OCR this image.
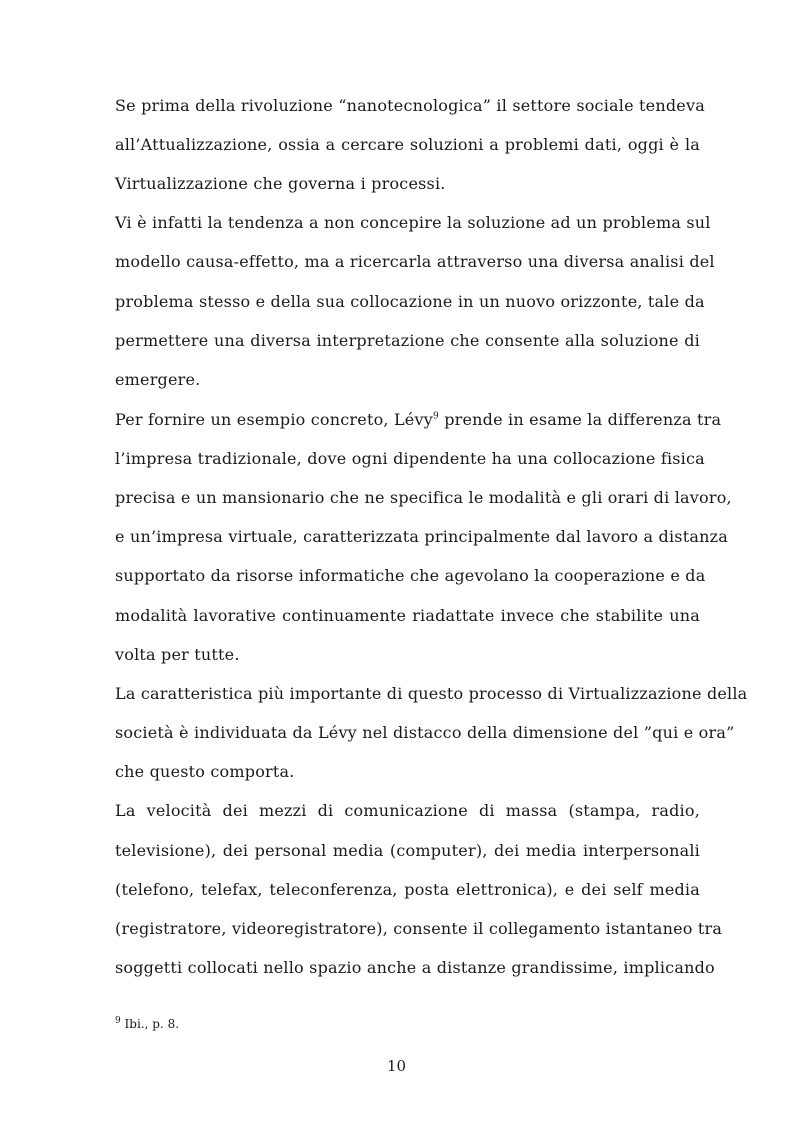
Se prima della rivoluzione “nanotecnologica” il settore sociale tendeva
all’Attualizzazione, ossia a cercare soluzioni a problemi dati, oggi è la
Virtualizzazione che governa i processi.
Vi è infatti la tendenza a non concepire la soluzione ad un problema sul
modello causa-effetto, ma a ricercarla attraverso una diversa analisi del
problema stesso e della sua collocazione in un nuovo orizzonte, tale da
permettere una diversa interpretazione che consente alla soluzione di
emergere.
Per fornire un esempio concreto, Lévy$^9$ prende in esame la differenza tra
l’impresa tradizionale, dove ogni dipendente ha una collocazione fisica
precisa e un mansionario che ne specifica le modalità e gli orari di lavoro,
e un’impresa virtuale, caratterizzata principalmente dal lavoro a distanza
supportato da risorse informatiche che agevolano la cooperazione e da
modalità lavorative continuamente riadattate invece che stabilite una
volta per tutte.
La caratteristica più importante di questo processo di Virtualizzazione della
società è individuata da Lévy nel distacco della dimensione del ”qui e ora”
che questo comporta.
La velocità dei mezzi di comunicazione di massa (stampa, radio,
televisione), dei personal media (computer), dei media interpersonali
(telefono, telefax, teleconferenza, posta elettronica), e dei self media
(registratore, videoregistratore), consente il collegamento istantaneo tra
soggetti collocati nello spazio anche a distanze grandissime, implicando
$^9$ Ibi., p. 8.
10
